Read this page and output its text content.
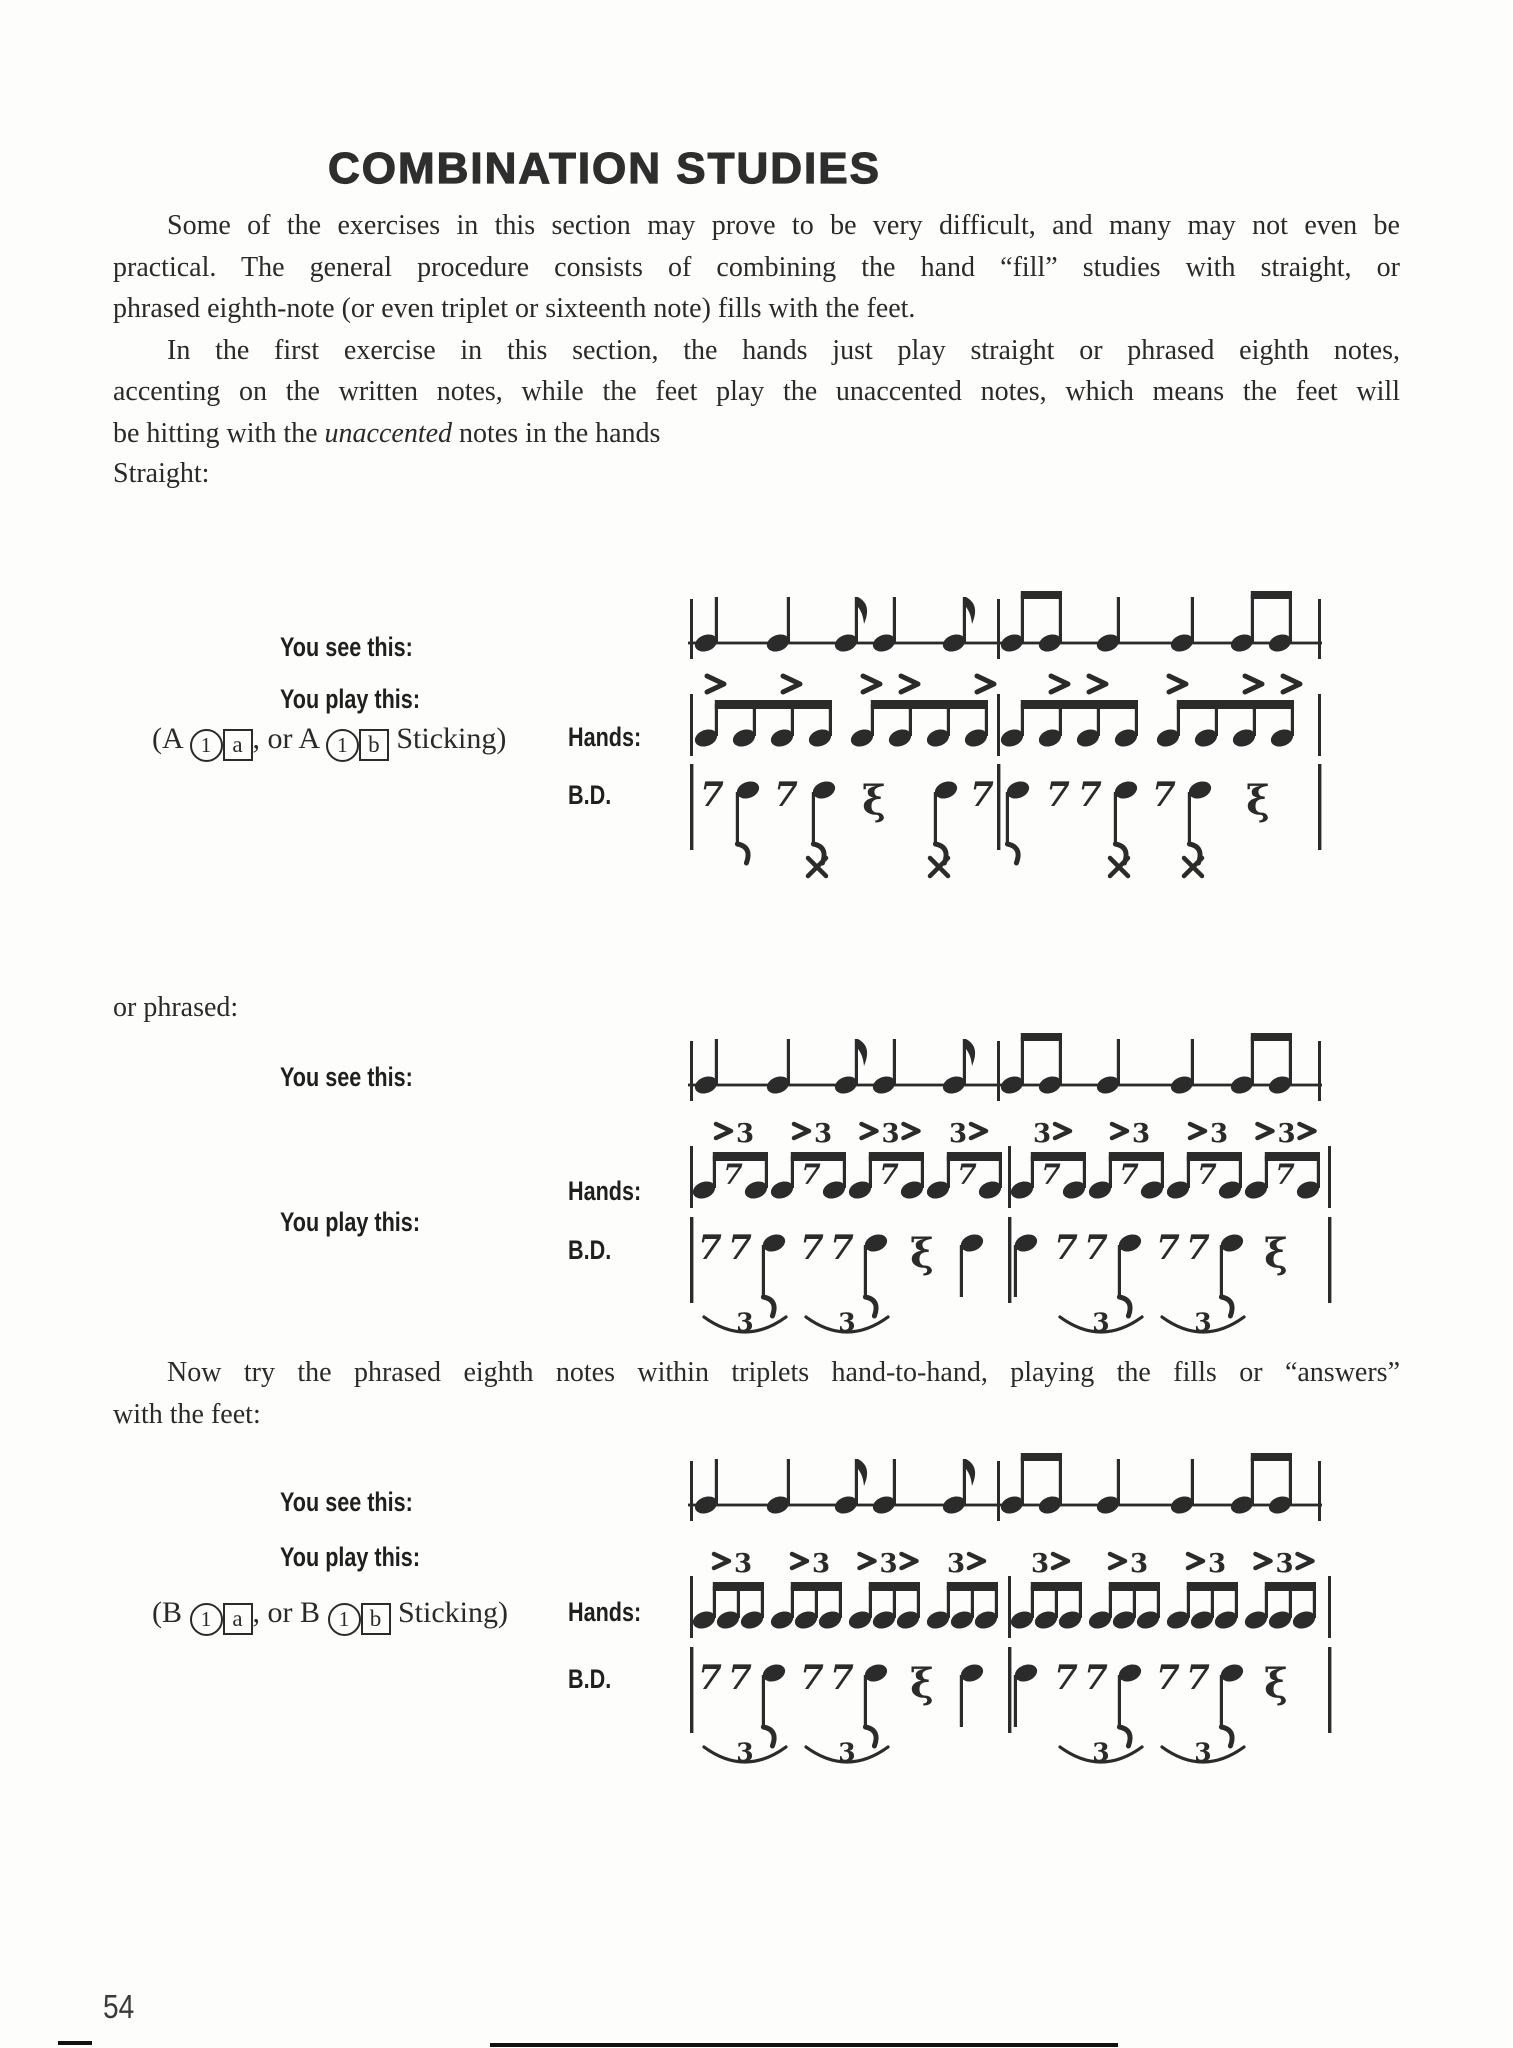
COMBINATION STUDIES
Some of the exercises in this section may prove to be very difficult, and many may not even be
practical. The general procedure consists of combining the hand “fill” studies with straight, or
phrased eighth-note (or even triplet or sixteenth note) fills with the feet.
In the first exercise in this section, the hands just play straight or phrased eighth notes,
accenting on the written notes, while the feet play the unaccented notes, which means the feet will
be hitting with the unaccented notes in the hands
Straight:
You see this:
You play this:
(A 1 a , or A 1 b Sticking) Hands:
B.D.
or phrased:
You see this:
Hands:
You play this:
B.D.
Now try the phrased eighth notes within triplets hand-to-hand, playing the fills or “answers”
with the feet:
You see this:
You play this:
(B 1 a , or B 1 b Sticking) Hands:
B.D.
7 7 ξ 7 7 7 7 ξ
7
3
7
3
7
3
7
3
7
3
7
3
7
3
7
3
7 7
3
7 7
3
ξ	7 7
3
7 7
3
ξ
3 3 3 3	3	3 3 3
7 7
3
7 7
3
ξ	7 7
3
7 7
3
ξ
54
